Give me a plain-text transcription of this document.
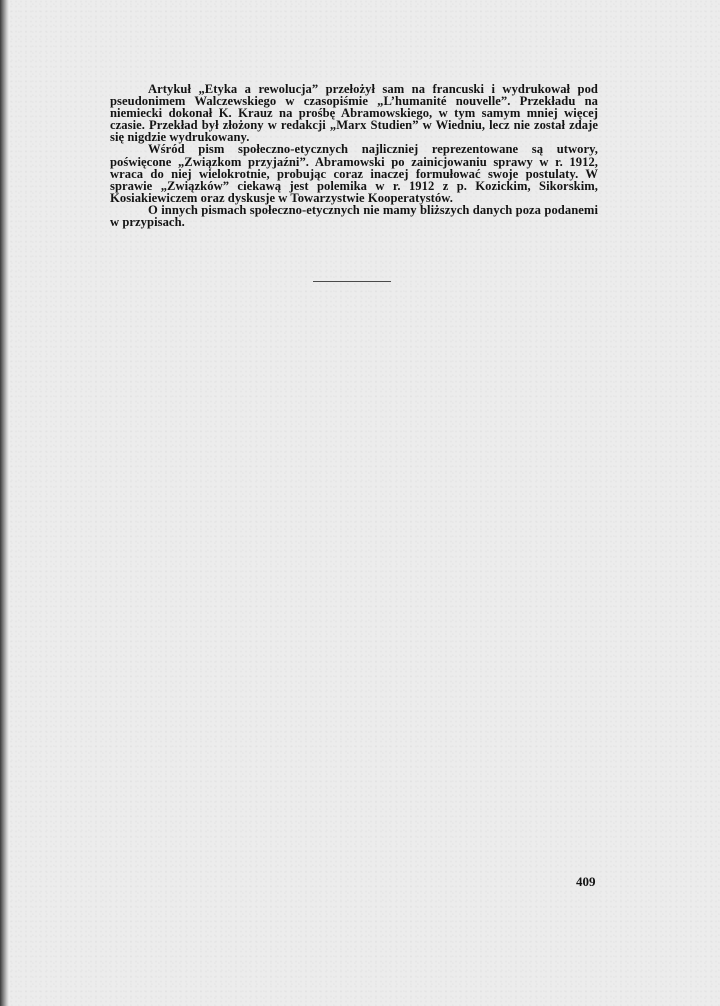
Artykuł „Etyka a rewolucja” przełożył sam na francuski i wydrukował pod pseudonimem Walczewskiego w czasopiśmie „L’humanité nouvelle”. Przekładu na niemiecki dokonał K. Krauz na prośbę Abramowskiego, w tym samym mniej więcej czasie. Przekład był złożony w redakcji „Marx Studien” w Wiedniu, lecz nie został zdaje się nigdzie wydrukowany.

Wśród pism społeczno-etycznych najliczniej reprezentowane są utwory, poświęcone „Związkom przyjaźni”. Abramowski po zainicjowaniu sprawy w r. 1912, wraca do niej wielokrotnie, probując coraz inaczej formułować swoje postulaty. W sprawie „Związków” ciekawą jest polemika w r. 1912 z p. Kozickim, Sikorskim, Kosiakiewiczem oraz dyskusje w Towarzystwie Kooperatystów.

O innych pismach społeczno-etycznych nie mamy bliższych danych poza podanemi w przypisach.

409
